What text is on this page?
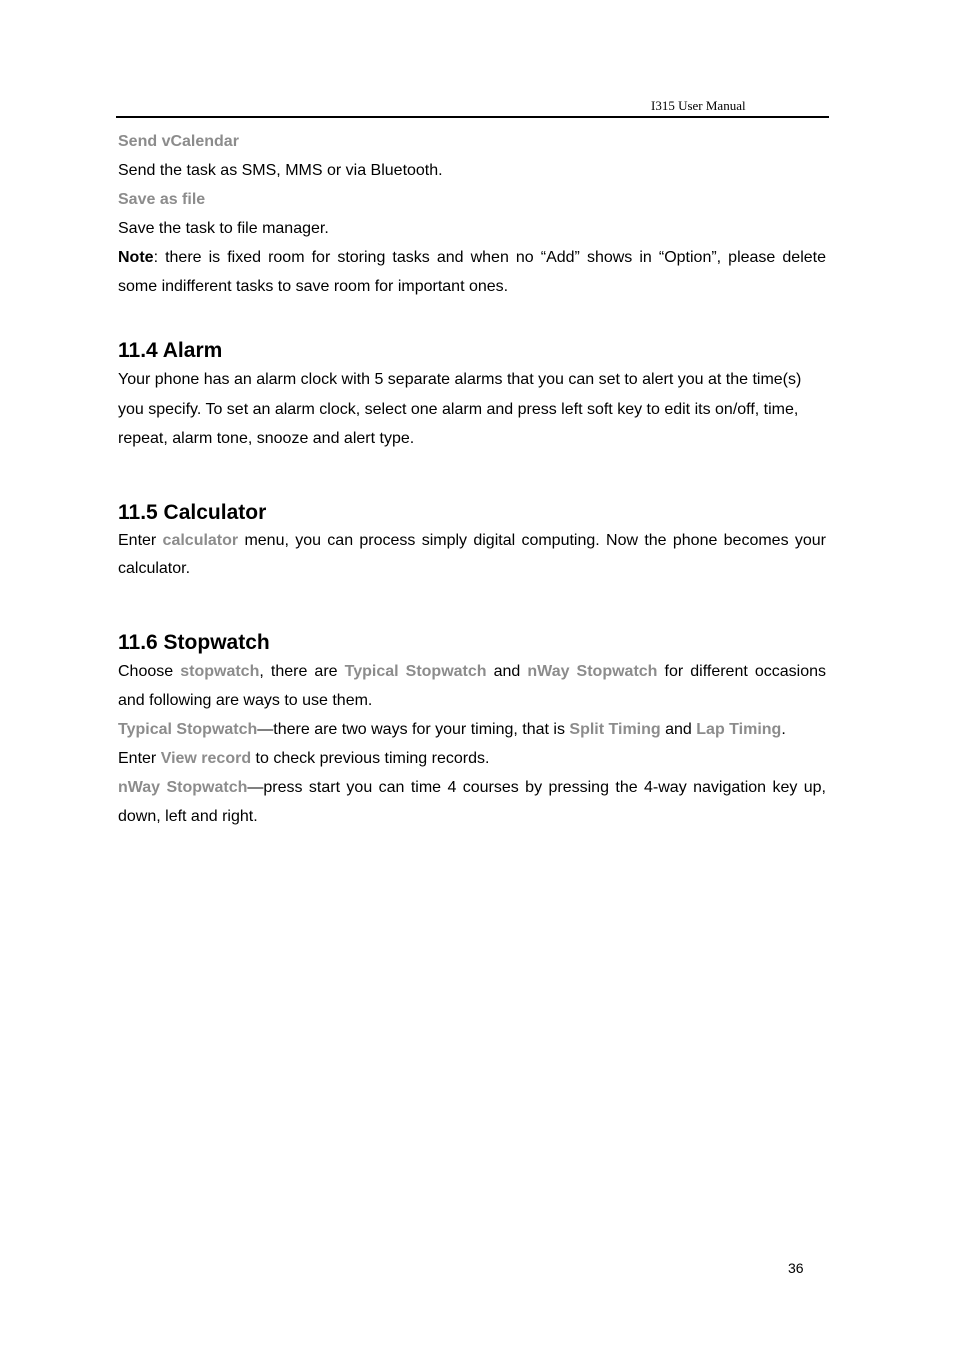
I315 User Manual

Send vCalendar

Send the task as SMS, MMS or via Bluetooth.

Save as file

Save the task to file manager.

Note: there is fixed room for storing tasks and when no “Add” shows in “Option”, please delete some indifferent tasks to save room for important ones.

11.4 Alarm

Your phone has an alarm clock with 5 separate alarms that you can set to alert you at the time(s) you specify. To set an alarm clock, select one alarm and press left soft key to edit its on/off, time, repeat, alarm tone, snooze and alert type.

11.5 Calculator

Enter calculator menu, you can process simply digital computing. Now the phone becomes your calculator.

11.6 Stopwatch

Choose stopwatch, there are Typical Stopwatch and nWay Stopwatch for different occasions and following are ways to use them.

Typical Stopwatch—there are two ways for your timing, that is Split Timing and Lap Timing.
Enter View record to check previous timing records.

nWay Stopwatch—press start you can time 4 courses by pressing the 4-way navigation key up, down, left and right.

36
